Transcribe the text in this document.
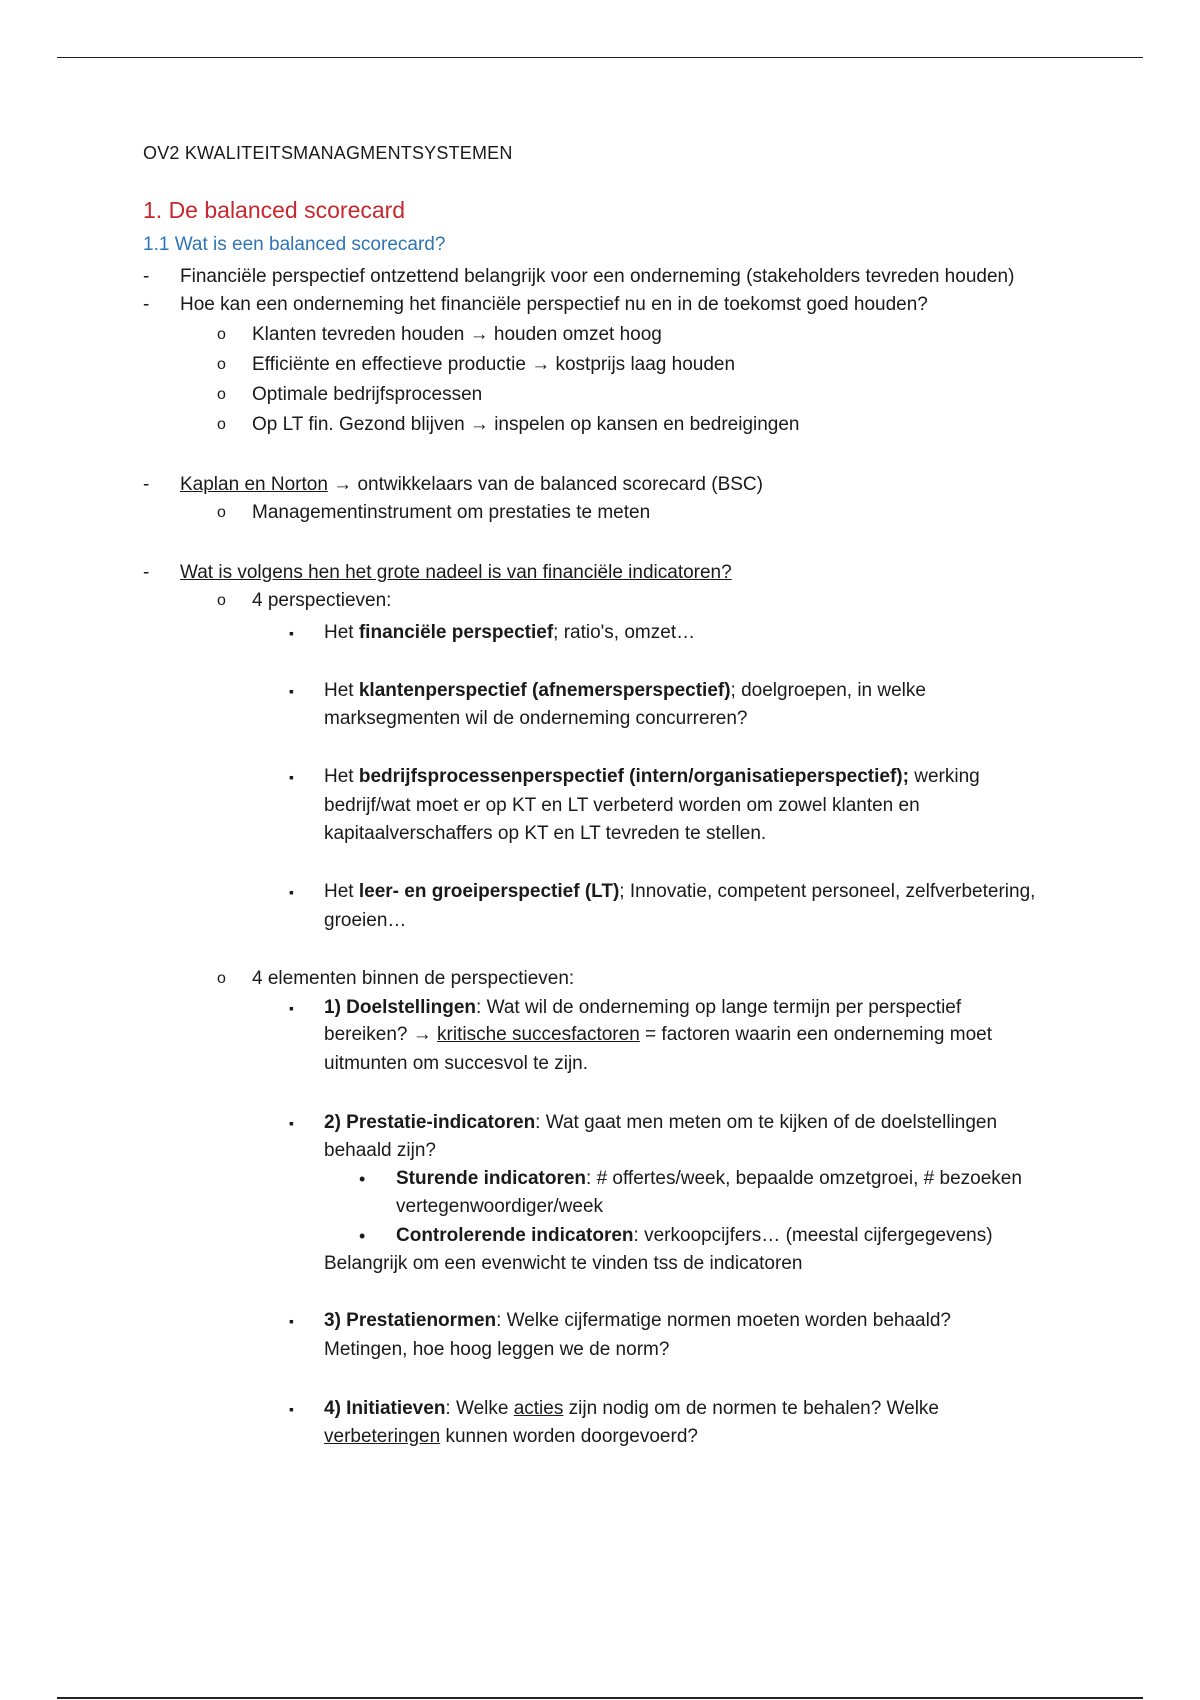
OV2 KWALITEITSMANAGMENTSYSTEMEN
1. De balanced scorecard
1.1 Wat is een balanced scorecard?
- Financiële perspectief ontzettend belangrijk voor een onderneming (stakeholders tevreden houden)
- Hoe kan een onderneming het financiële perspectief nu en in de toekomst goed houden?
o Klanten tevreden houden → houden omzet hoog
o Efficiënte en effectieve productie → kostprijs laag houden
o Optimale bedrijfsprocessen
o Op LT fin. Gezond blijven → inspelen op kansen en bedreigingen
- Kaplan en Norton → ontwikkelaars van de balanced scorecard (BSC)
o Managementinstrument om prestaties te meten
- Wat is volgens hen het grote nadeel is van financiële indicatoren?
o 4 perspectieven:
▪ Het financiële perspectief; ratio's, omzet…
▪ Het klantenperspectief (afnemersperspectief); doelgroepen, in welke
marksegmenten wil de onderneming concurreren?
▪ Het bedrijfsprocessenperspectief (intern/organisatieperspectief); werking
bedrijf/wat moet er op KT en LT verbeterd worden om zowel klanten en
kapitaalverschaffers op KT en LT tevreden te stellen.
▪ Het leer- en groeiperspectief (LT); Innovatie, competent personeel, zelfverbetering,
groeien…
o 4 elementen binnen de perspectieven:
▪ 1) Doelstellingen: Wat wil de onderneming op lange termijn per perspectief
bereiken? → kritische succesfactoren = factoren waarin een onderneming moet
uitmunten om succesvol te zijn.
▪ 2) Prestatie-indicatoren: Wat gaat men meten om te kijken of de doelstellingen
behaald zijn?
• Sturende indicatoren: # offertes/week, bepaalde omzetgroei, # bezoeken
vertegenwoordiger/week
• Controlerende indicatoren: verkoopcijfers… (meestal cijfergegevens)
Belangrijk om een evenwicht te vinden tss de indicatoren
▪ 3) Prestatienormen: Welke cijfermatige normen moeten worden behaald?
Metingen, hoe hoog leggen we de norm?
▪ 4) Initiatieven: Welke acties zijn nodig om de normen te behalen? Welke
verbeteringen kunnen worden doorgevoerd?
